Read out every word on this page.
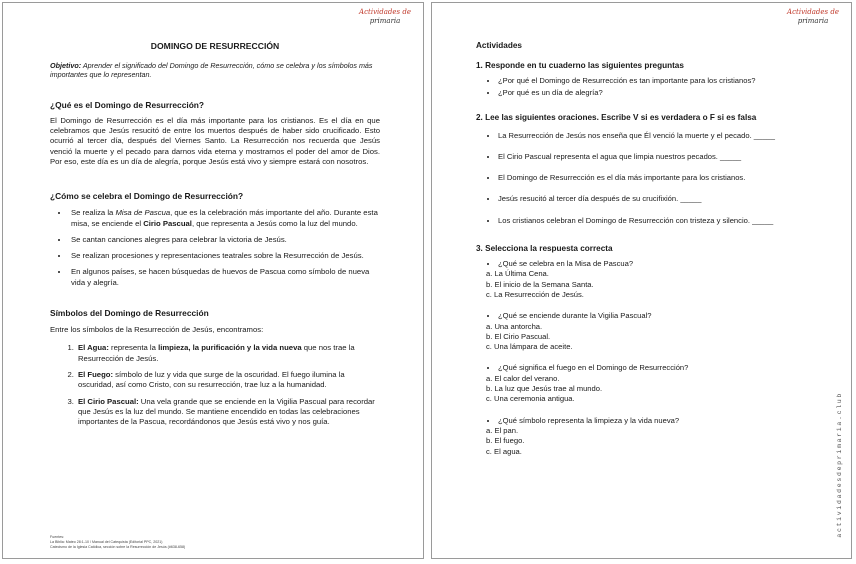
Actividades de
primaria
DOMINGO DE RESURRECCIÓN
Objetivo: Aprender el significado del Domingo de Resurrección, cómo se celebra y los símbolos más importantes que lo representan.
¿Qué es el Domingo de Resurrección?

El Domingo de Resurrección es el día más importante para los cristianos. Es el día en que celebramos que Jesús resucitó de entre los muertos después de haber sido crucificado. Esto ocurrió al tercer día, después del Viernes Santo. La Resurrección nos recuerda que Jesús venció la muerte y el pecado para darnos vida eterna y mostrarnos el poder del amor de Dios. Por eso, este día es un día de alegría, porque Jesús está vivo y siempre estará con nosotros.

¿Cómo se celebra el Domingo de Resurrección?
• Se realiza la Misa de Pascua, que es la celebración más importante del año. Durante esta misa, se enciende el Cirio Pascual, que representa a Jesús como la luz del mundo.
• Se cantan canciones alegres para celebrar la victoria de Jesús.
• Se realizan procesiones y representaciones teatrales sobre la Resurrección de Jesús.
• En algunos países, se hacen búsquedas de huevos de Pascua como símbolo de nueva vida y alegría.
Símbolos del Domingo de Resurrección

Entre los símbolos de la Resurrección de Jesús, encontramos:

1. El Agua: representa la limpieza, la purificación y la vida nueva que nos trae la Resurrección de Jesús.
2. El Fuego: símbolo de luz y vida que surge de la oscuridad. El fuego ilumina la oscuridad, así como Cristo, con su resurrección, trae luz a la humanidad.
3. El Cirio Pascual: Una vela grande que se enciende en la Vigilia Pascual para recordar que Jesús es la luz del mundo. Se mantiene encendido en todas las celebraciones importantes de la Pascua, recordándonos que Jesús está vivo y nos guía.
Fuentes:
La Biblia: Mateo 28:1-10 / Manual del Catequista (Editorial PPC, 2021)
Catecismo de la Iglesia Católica, sección sobre la Resurrección de Jesús (#638-658)
Actividades de
primaria
actividadesdeprimaria.club
Actividades
1. Responde en tu cuaderno las siguientes preguntas
• ¿Por qué el Domingo de Resurrección es tan importante para los cristianos?
• ¿Por qué es un día de alegría?
2. Lee las siguientes oraciones. Escribe V si es verdadera o F si es falsa
• La Resurrección de Jesús nos enseña que Él venció la muerte y el pecado. _____
• El Cirio Pascual representa el agua que limpia nuestros pecados. _____
• El Domingo de Resurrección es el día más importante para los cristianos.
• Jesús resucitó al tercer día después de su crucifixión. _____
• Los cristianos celebran el Domingo de Resurrección con tristeza y silencio. _____
3. Selecciona la respuesta correcta
• ¿Qué se celebra en la Misa de Pascua?
a. La Última Cena.
b. El inicio de la Semana Santa.
c. La Resurrección de Jesús.
• ¿Qué se enciende durante la Vigilia Pascual?
a. Una antorcha.
b. El Cirio Pascual.
c. Una lámpara de aceite.
• ¿Qué significa el fuego en el Domingo de Resurrección?
a. El calor del verano.
b. La luz que Jesús trae al mundo.
c. Una ceremonia antigua.
• ¿Qué símbolo representa la limpieza y la vida nueva?
a. El pan.
b. El fuego.
c. El agua.
